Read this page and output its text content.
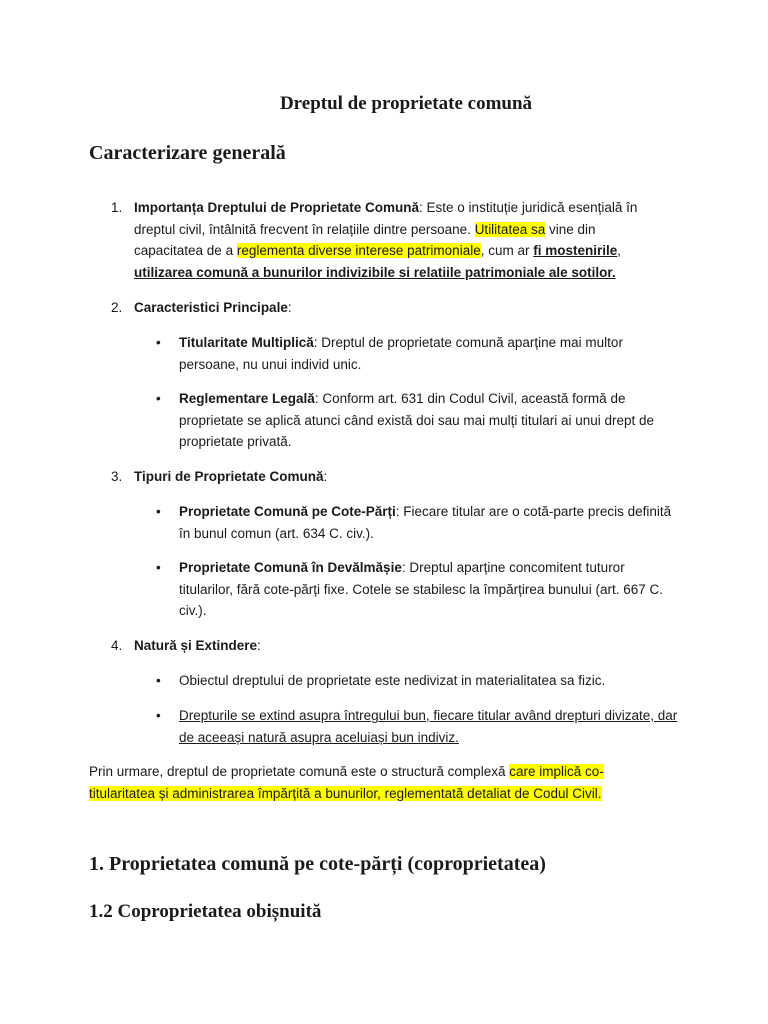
Dreptul de proprietate comună
Caracterizare generală
1. Importanța Dreptului de Proprietate Comună: Este o instituție juridică esențială în dreptul civil, întâlnită frecvent în relațiile dintre persoane. Utilitatea sa vine din capacitatea de a reglementa diverse interese patrimoniale, cum ar fi mostenirile, utilizarea comună a bunurilor indivizibile si relatiile patrimoniale ale sotilor.
2. Caracteristici Principale:
• Titularitate Multiplică: Dreptul de proprietate comună aparține mai multor persoane, nu unui individ unic.
• Reglementare Legală: Conform art. 631 din Codul Civil, această formă de proprietate se aplică atunci când există doi sau mai mulți titulari ai unui drept de proprietate privată.
3. Tipuri de Proprietate Comună:
• Proprietate Comună pe Cote-Părți: Fiecare titular are o cotă-parte precis definită în bunul comun (art. 634 C. civ.).
• Proprietate Comună în Devălmășie: Dreptul aparține concomitent tuturor titularilor, fără cote-părți fixe. Cotele se stabilesc la împărțirea bunului (art. 667 C. civ.).
4. Natură și Extindere:
• Obiectul dreptului de proprietate este nedivizat in materialitatea sa fizic.
• Drepturile se extind asupra întregului bun, fiecare titular având drepturi divizate, dar de aceeași natură asupra aceluiași bun indiviz.
Prin urmare, dreptul de proprietate comună este o structură complexă care implică co-titularitatea și administrarea împărțită a bunurilor, reglementată detaliat de Codul Civil.
1. Proprietatea comună pe cote-părți (coproprietatea)
1.2 Coproprietatea obișnuită
